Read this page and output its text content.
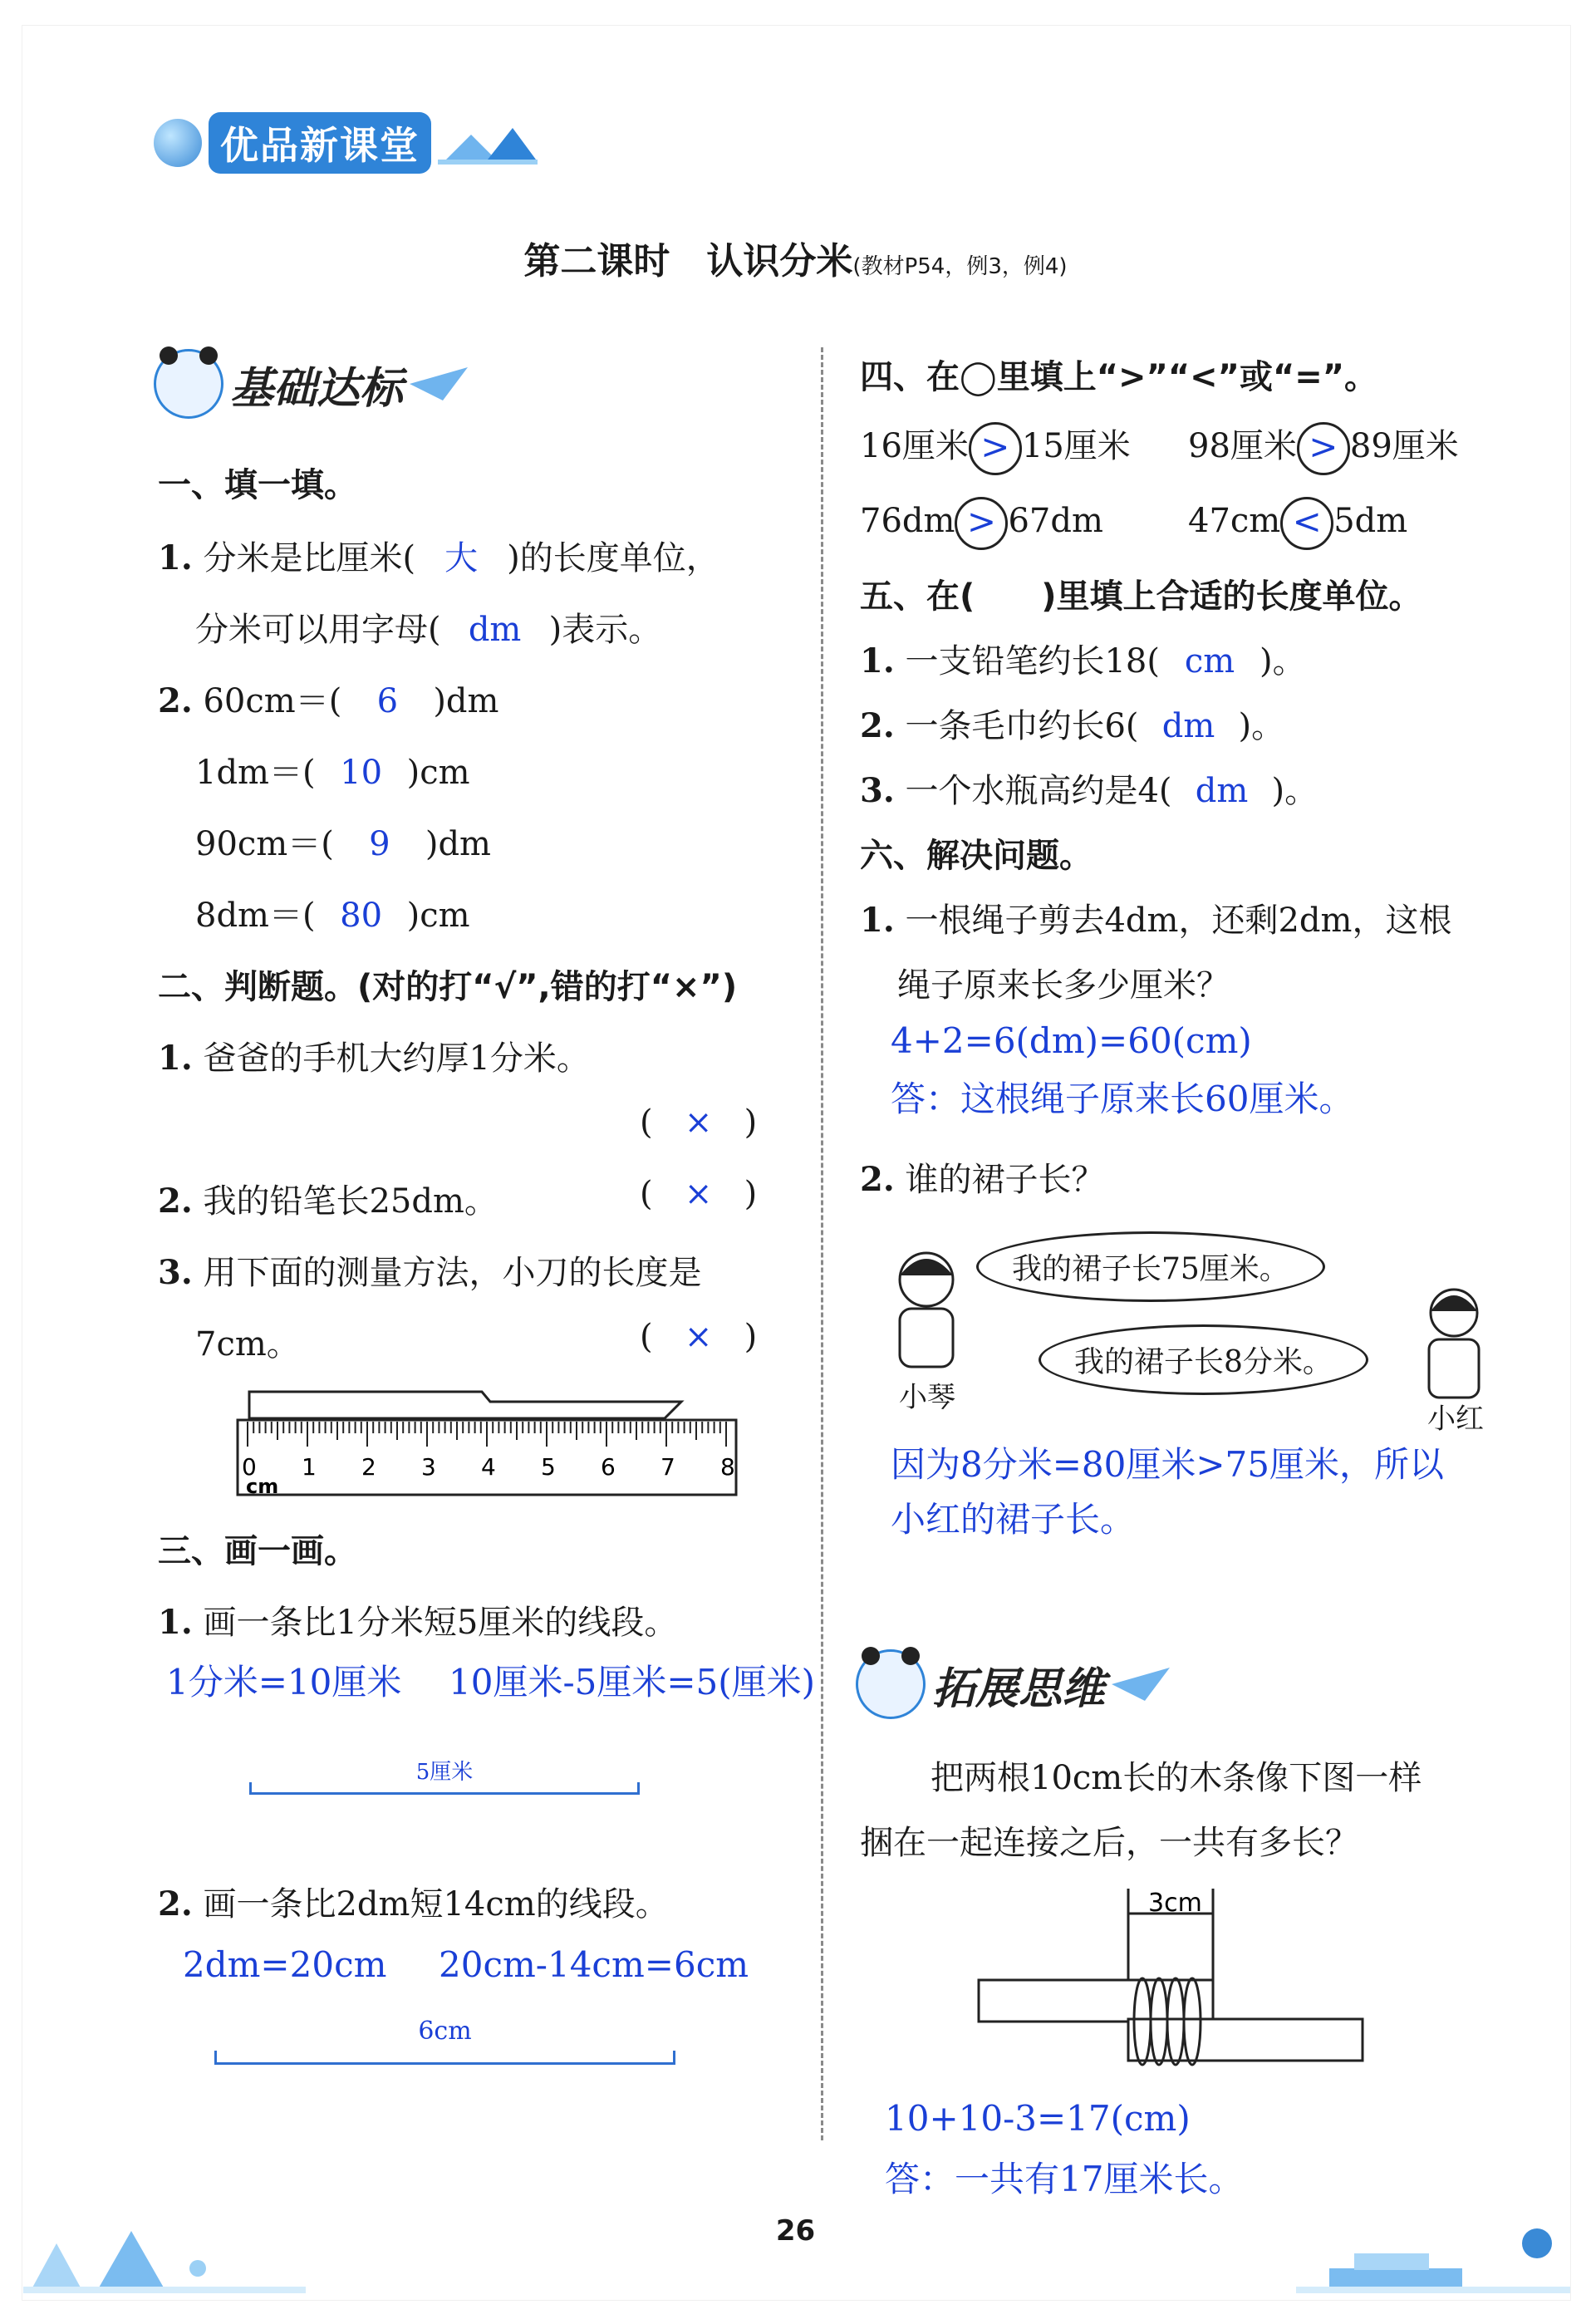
优品新课堂
第二课时　认识分米(教材P54，例3，例4)
基础达标
一、填一填。
1. 分米是比厘米( 大 )的长度单位，
分米可以用字母( dm )表示。
2. 60cm＝( 6 )dm
1dm＝( 10 )cm
90cm＝( 9 )dm
8dm＝( 80 )cm
二、判断题。(对的打“√”,错的打“×”)
1. 爸爸的手机大约厚1分米。
( × )
2. 我的铅笔长25dm。	( × )
3. 用下面的测量方法，小刀的长度是
7cm。	( × )
0 1 2 3 4 5 6 7 8
cm
三、画一画。
1. 画一条比1分米短5厘米的线段。
1分米=10厘米 10厘米-5厘米=5(厘米)
5厘米
2. 画一条比2dm短14cm的线段。
2dm=20cm 20cm-14cm=6cm
6cm
四、在◯里填上“>”“<”或“=”。
16厘米 > 15厘米 98厘米 > 89厘米
76dm > 67dm	47cm < 5dm
五、在(　　)里填上合适的长度单位。
1. 一支铅笔约长18( cm )。
2. 一条毛巾约长6( dm )。
3. 一个水瓶高约是4( dm )。
六、解决问题。
1. 一根绳子剪去4dm，还剩2dm，这根
绳子原来长多少厘米？
4+2=6(dm)=60(cm)
答：这根绳子原来长60厘米。
2. 谁的裙子长？
我的裙子长75厘米。
我的裙子长8分米。
小琴
小红
因为8分米=80厘米>75厘米，所以
小红的裙子长。
拓展思维
把两根10cm长的木条像下图一样
捆在一起连接之后，一共有多长？
3cm
10+10-3=17(cm)
答：一共有17厘米长。
26
